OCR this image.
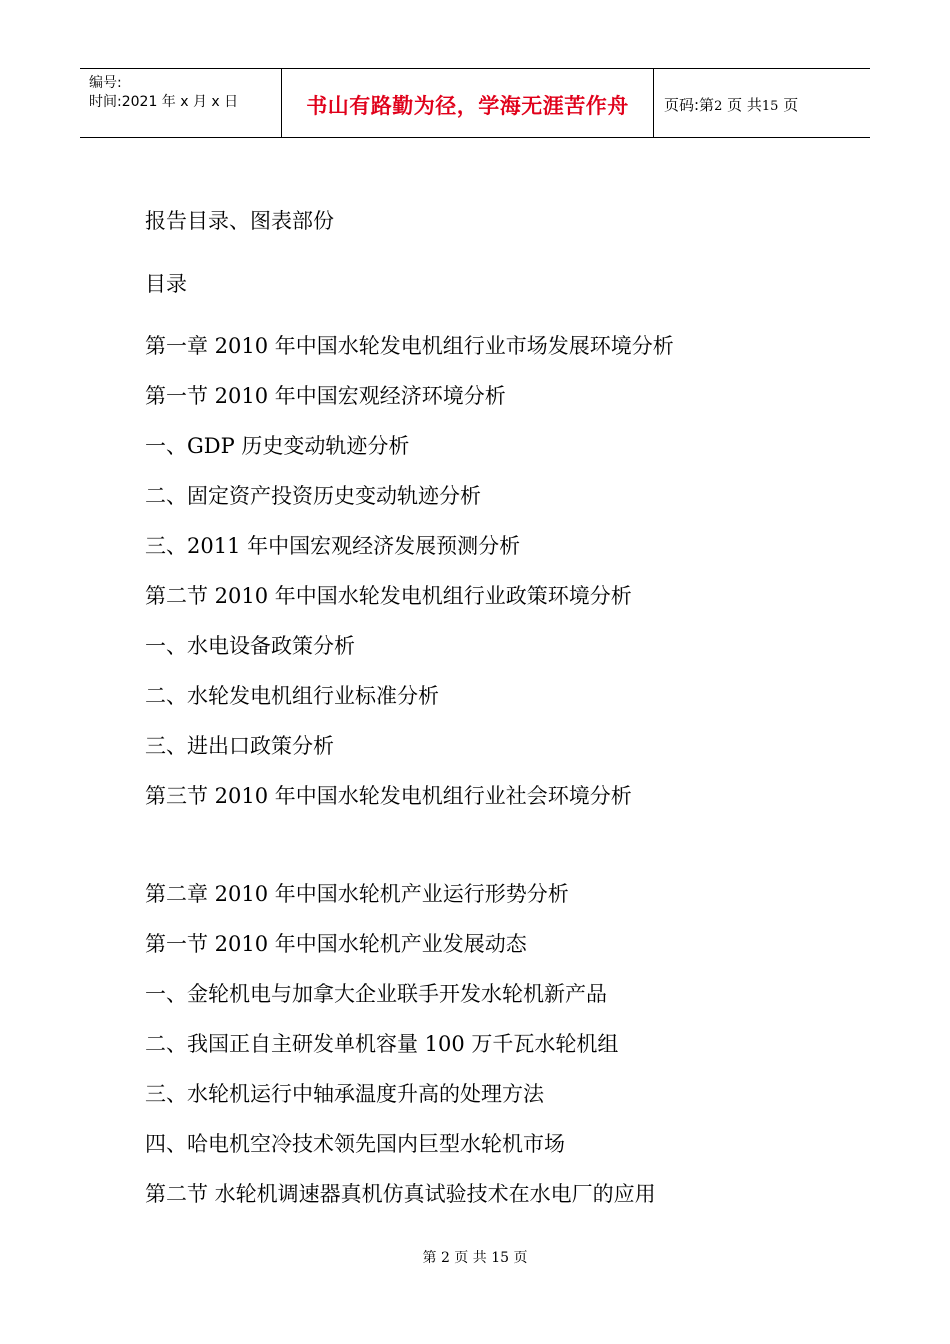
编号:
时间:2021 年 x 月 x 日	书山有路勤为径，学海无涯苦作舟	页码:第2 页 共15 页
报告目录、图表部份
目录
第一章 2010 年中国水轮发电机组行业市场发展环境分析
第一节 2010 年中国宏观经济环境分析
一、GDP 历史变动轨迹分析
二、固定资产投资历史变动轨迹分析
三、2011 年中国宏观经济发展预测分析
第二节 2010 年中国水轮发电机组行业政策环境分析
一、水电设备政策分析
二、水轮发电机组行业标准分析
三、进出口政策分析
第三节 2010 年中国水轮发电机组行业社会环境分析
第二章 2010 年中国水轮机产业运行形势分析
第一节 2010 年中国水轮机产业发展动态
一、金轮机电与加拿大企业联手开发水轮机新产品
二、我国正自主研发单机容量 100 万千瓦水轮机组
三、水轮机运行中轴承温度升高的处理方法
四、哈电机空冷技术领先国内巨型水轮机市场
第二节 水轮机调速器真机仿真试验技术在水电厂的应用
第 2 页 共 15 页
